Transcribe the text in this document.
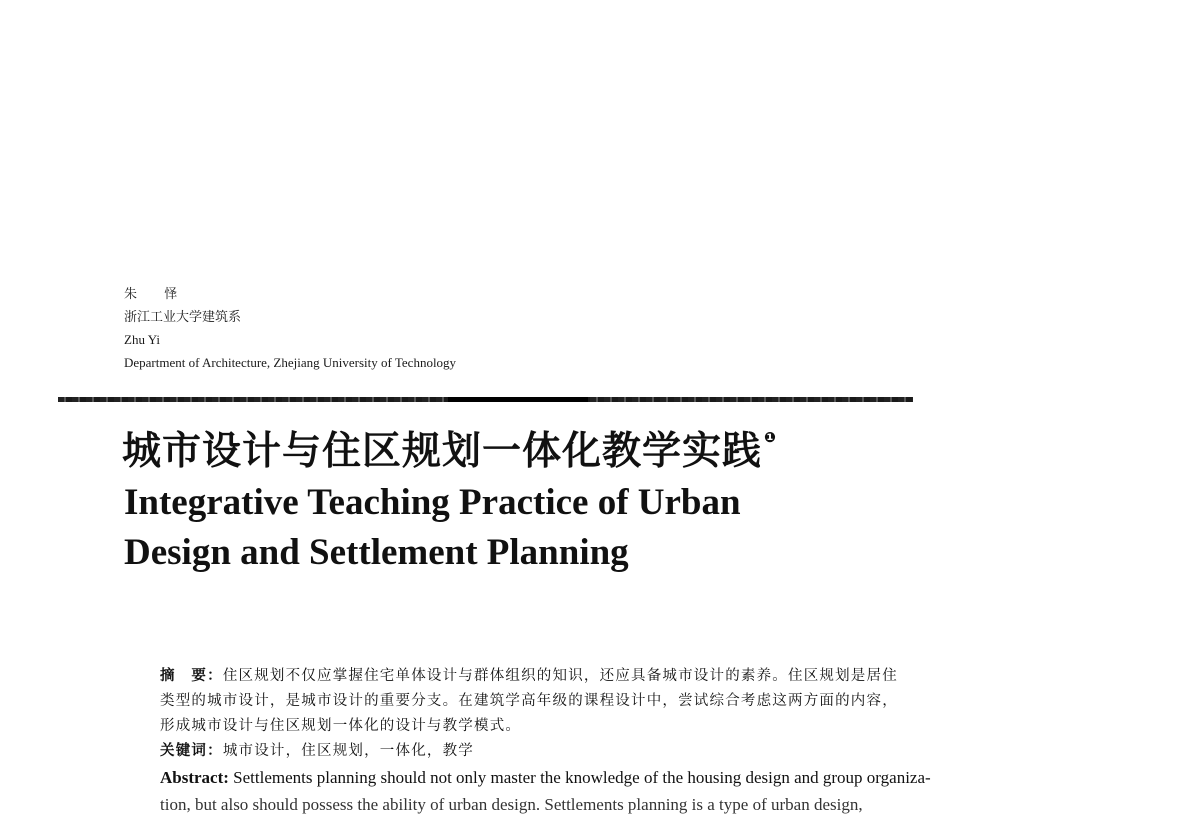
朱 怿
浙江工业大学建筑系
Zhu Yi
Department of Architecture, Zhejiang University of Technology
城市设计与住区规划一体化教学实践 $^❶$
Integrative Teaching Practice of Urban
Design and Settlement Planning
摘　要：住区规划不仅应掌握住宅单体设计与群体组织的知识，还应具备城市设计的素养。住区规划是居住
类型的城市设计，是城市设计的重要分支。在建筑学高年级的课程设计中，尝试综合考虑这两方面的内容，
形成城市设计与住区规划一体化的设计与教学模式。
关键词：城市设计，住区规划，一体化，教学
Abstract: Settlements planning should not only master the knowledge of the housing design and group organiza-
tion, but also should possess the ability of urban design. Settlements planning is a type of urban design,
